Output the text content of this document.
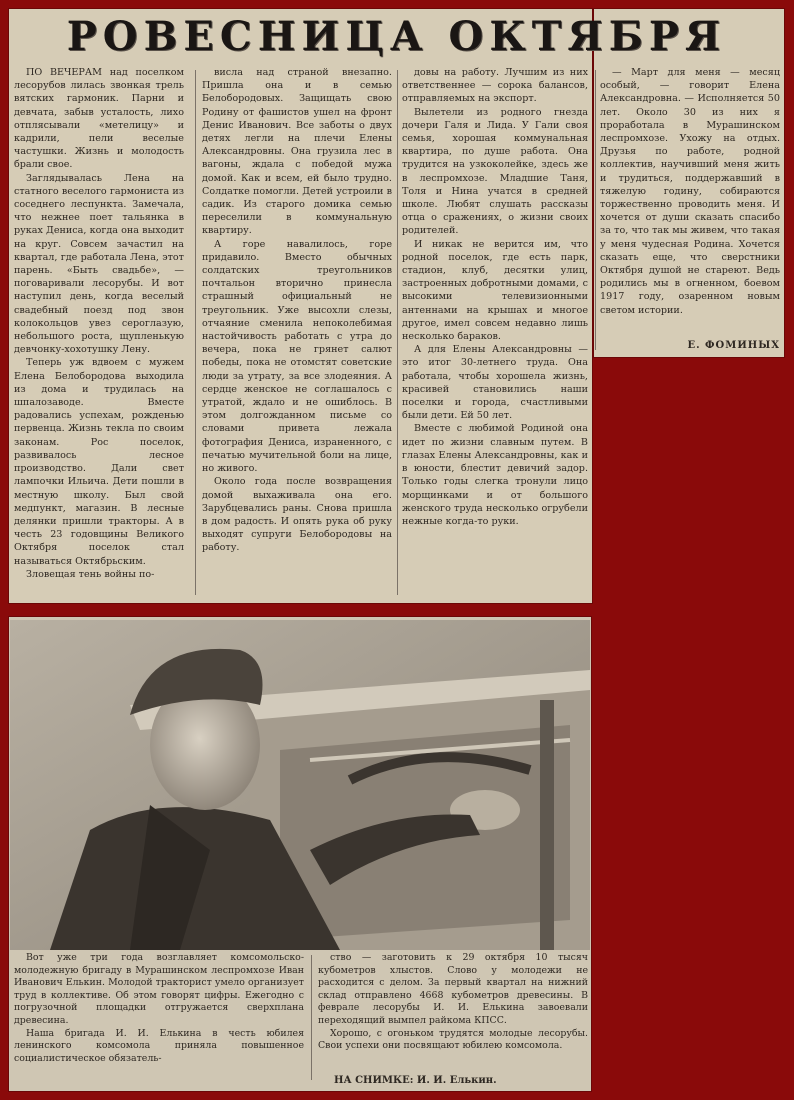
РОВЕСНИЦА ОКТЯБРЯ

ПО ВЕЧЕРАМ над поселком лесорубов лилась звонкая трель вятских гармоник. Парни и девчата, забыв усталость, лихо отплясывали «метелицу» и кадрили, пели веселые частушки. Жизнь и молодость брали свое.

Заглядывалась Лена на статного веселого гармониста из соседнего леспункта. Замечала, что нежнее поет тальянка в руках Дениса, когда она выходит на круг. Совсем зачастил на квартал, где работала Лена, этот парень. «Быть свадьбе», — поговаривали лесорубы. И вот наступил день, когда веселый свадебный поезд под звон колокольцов увез сероглазую, небольшого роста, щупленькую девчонку-хохотушку Лену.

Теперь уж вдвоем с мужем Елена Белобородова выходила из дома и трудилась на шпалозаводе. Вместе радовались успехам, рожденью первенца. Жизнь текла по своим законам. Рос поселок, развивалось лесное производство. Дали свет лампочки Ильича. Дети пошли в местную школу. Был свой медпункт, магазин. В лесные делянки пришли тракторы. А в честь 23 годовщины Великого Октября поселок стал называться Октябрьским.

Зловещая тень войны по-

висла над страной внезапно. Пришла она и в семью Белобородовых. Защищать свою Родину от фашистов ушел на фронт Денис Иванович. Все заботы о двух детях легли на плечи Елены Александровны. Она грузила лес в вагоны, ждала с победой мужа домой. Как и всем, ей было трудно. Солдатке помогли. Детей устроили в садик. Из старого домика семью переселили в коммунальную квартиру.

А горе навалилось, горе придавило. Вместо обычных солдатских треугольников почтальон вторично принесла страшный официальный не треугольник. Уже высохли слезы, отчаяние сменила непоколебимая настойчивость работать с утра до вечера, пока не грянет салют победы, пока не отомстят советские люди за утрату, за все злодеяния. А сердце женское не соглашалось с утратой, ждало и не ошиблось. В этом долгожданном письме со словами привета лежала фотография Дениса, израненного, с печатью мучительной боли на лице, но живого.

Около года после возвращения домой выхаживала она его. Зарубцевались раны. Снова пришла в дом радость. И опять рука об руку выходят супруги Белобородовы на работу.

довы на работу. Лучшим из них ответственнее — сорока балансов, отправляемых на экспорт.

Вылетели из родного гнезда дочери Галя и Лида. У Гали своя семья, хорошая коммунальная квартира, по душе работа. Она трудится на узкоколейке, здесь же в леспромхозе. Младшие Таня, Толя и Нина учатся в средней школе. Любят слушать рассказы отца о сражениях, о жизни своих родителей.

И никак не верится им, что родной поселок, где есть парк, стадион, клуб, десятки улиц, застроенных добротными домами, с высокими телевизионными антеннами на крышах и многое другое, имел совсем недавно лишь несколько бараков.

А для Елены Александровны — это итог 30-летнего труда. Она работала, чтобы хорошела жизнь, красивей становились наши поселки и города, счастливыми были дети. Ей 50 лет.

Вместе с любимой Родиной она идет по жизни славным путем. В глазах Елены Александровны, как и в юности, блестит девичий задор. Только годы слегка тронули лицо морщинками и от большого женского труда несколько огрубели нежные когда-то руки.

— Март для меня — месяц особый, — говорит Елена Александровна. — Исполняется 50 лет. Около 30 из них я проработала в Мурашинском леспромхозе. Ухожу на отдых. Друзья по работе, родной коллектив, научивший меня жить и трудиться, поддержавший в тяжелую годину, собираются торжественно проводить меня. И хочется от души сказать спасибо за то, что так мы живем, что такая у меня чудесная Родина. Хочется сказать еще, что сверстники Октября душой не стареют. Ведь родились мы в огненном, боевом 1917 году, озаренном новым светом истории.

Е. ФОМИНЫХ

Вот уже три года возглавляет комсомольско-молодежную бригаду в Мурашинском леспромхозе Иван Иванович Елькин. Молодой тракторист умело организует труд в коллективе. Об этом говорят цифры. Ежегодно с погрузочной площадки отгружается сверхплана древесина.

Наша бригада И. И. Елькина в честь юбилея ленинского комсомола приняла повышенное социалистическое обязатель-

ство — заготовить к 29 октября 10 тысяч кубометров хлыстов. Слово у молодежи не расходится с делом. За первый квартал на нижний склад отправлено 4668 кубометров древесины. В феврале лесорубы И. И. Елькина завоевали переходящий вымпел райкома КПСС.

Хорошо, с огоньком трудятся молодые лесорубы. Свои успехи они посвящают юбилею комсомола.

НА СНИМКЕ: И. И. Елькин.
